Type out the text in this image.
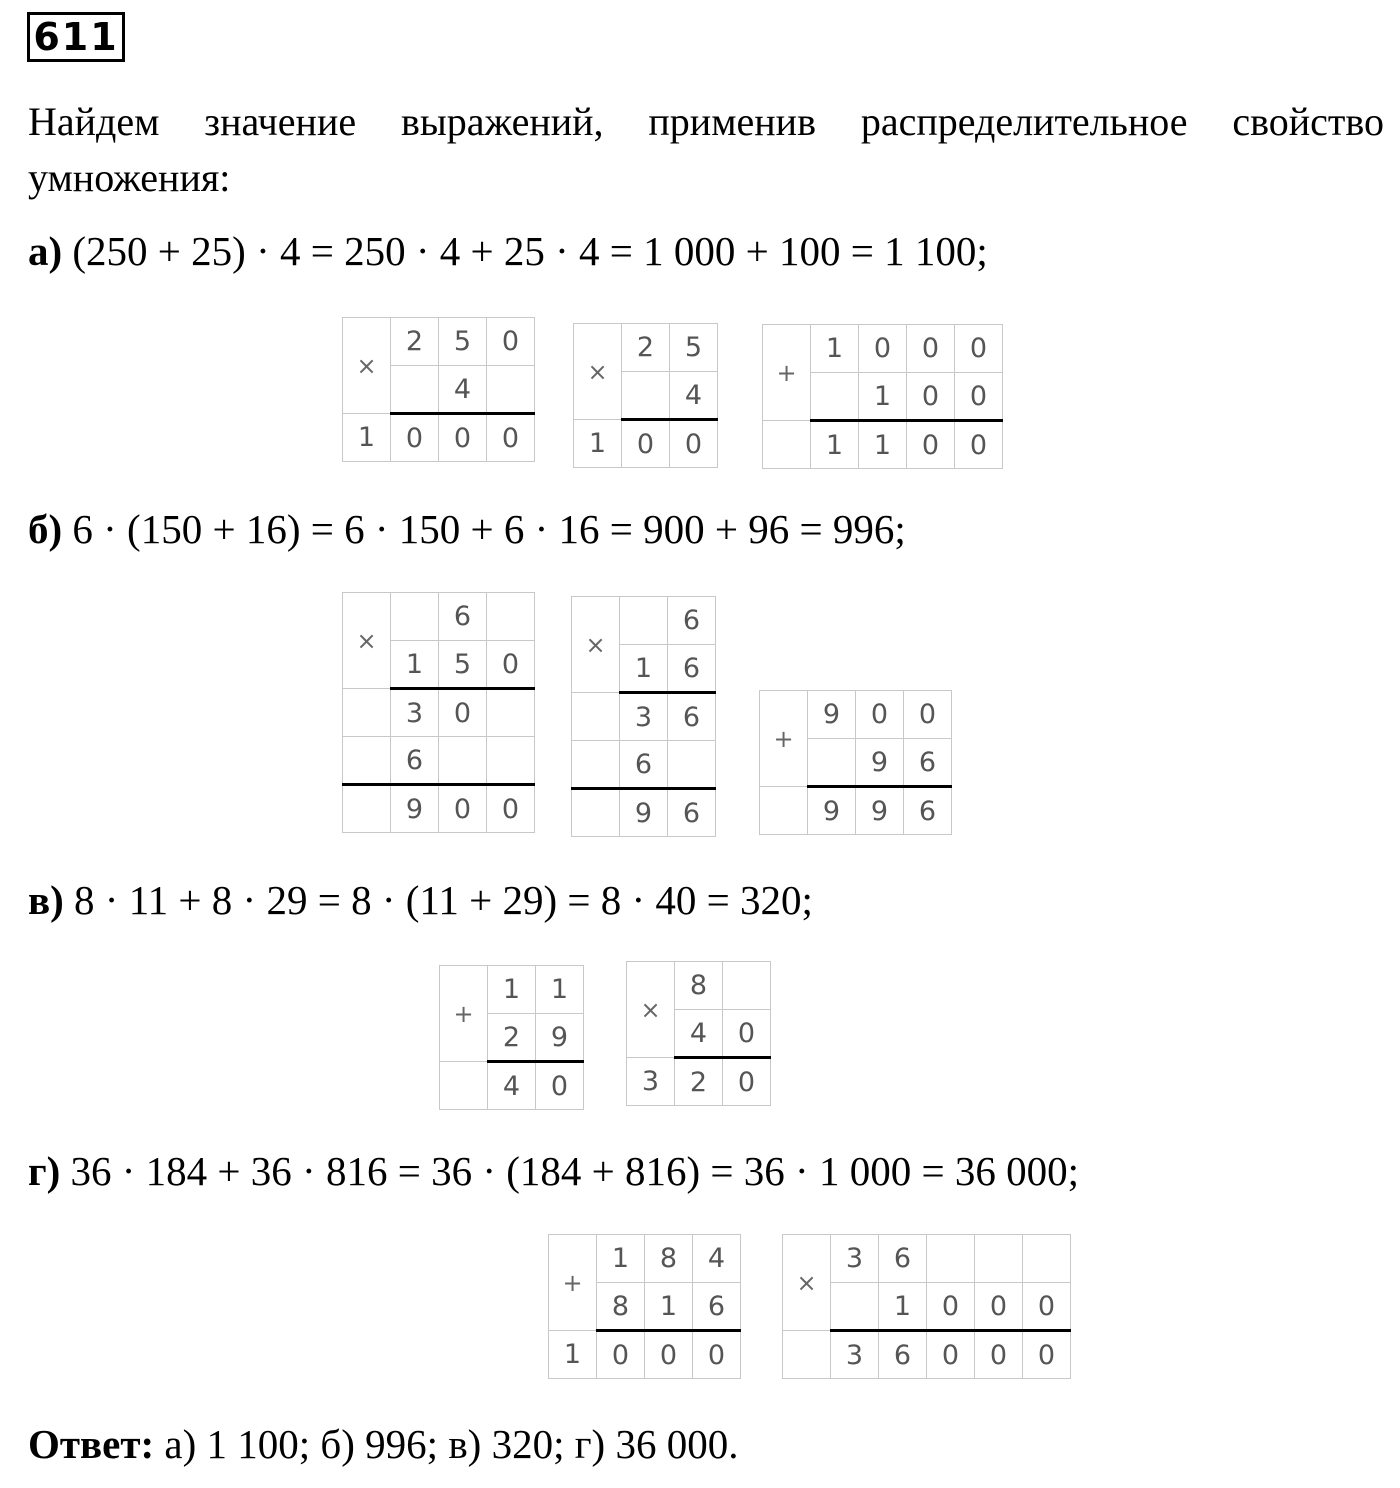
611
Найдем значение выражений, применив распределительное свойство умножения:
а) (250 + 25) · 4 = 250 · 4 + 25 · 4 = 1 000 + 100 = 1 100;
б) 6 · (150 + 16) = 6 · 150 + 6 · 16 = 900 + 96 = 996;
в) 8 · 11 + 8 · 29 = 8 · (11 + 29) = 8 · 40 = 320;
г) 36 · 184 + 36 · 816 = 36 · (184 + 816) = 36 · 1 000 = 36 000;
×	2	5	0
		4	
1	0	0	0
×	2	5
		4
1	0	0
+	1	0	0	0
		1	0	0
	1	1	0	0
×		6	
	1	5	0
	3	0	
	6		
	9	0	0
×		6
	1	6
	3	6
	6	
	9	6
+	9	0	0
		9	6
	9	9	6
+	1	1
	2	9
	4	0
×	8	
	4	0
3	2	0
+	1	8	4
	8	1	6
1	0	0	0
×	3	6			
		1	0	0	0
	3	6	0	0	0
Ответ: а) 1 100; б) 996; в) 320; г) 36 000.
